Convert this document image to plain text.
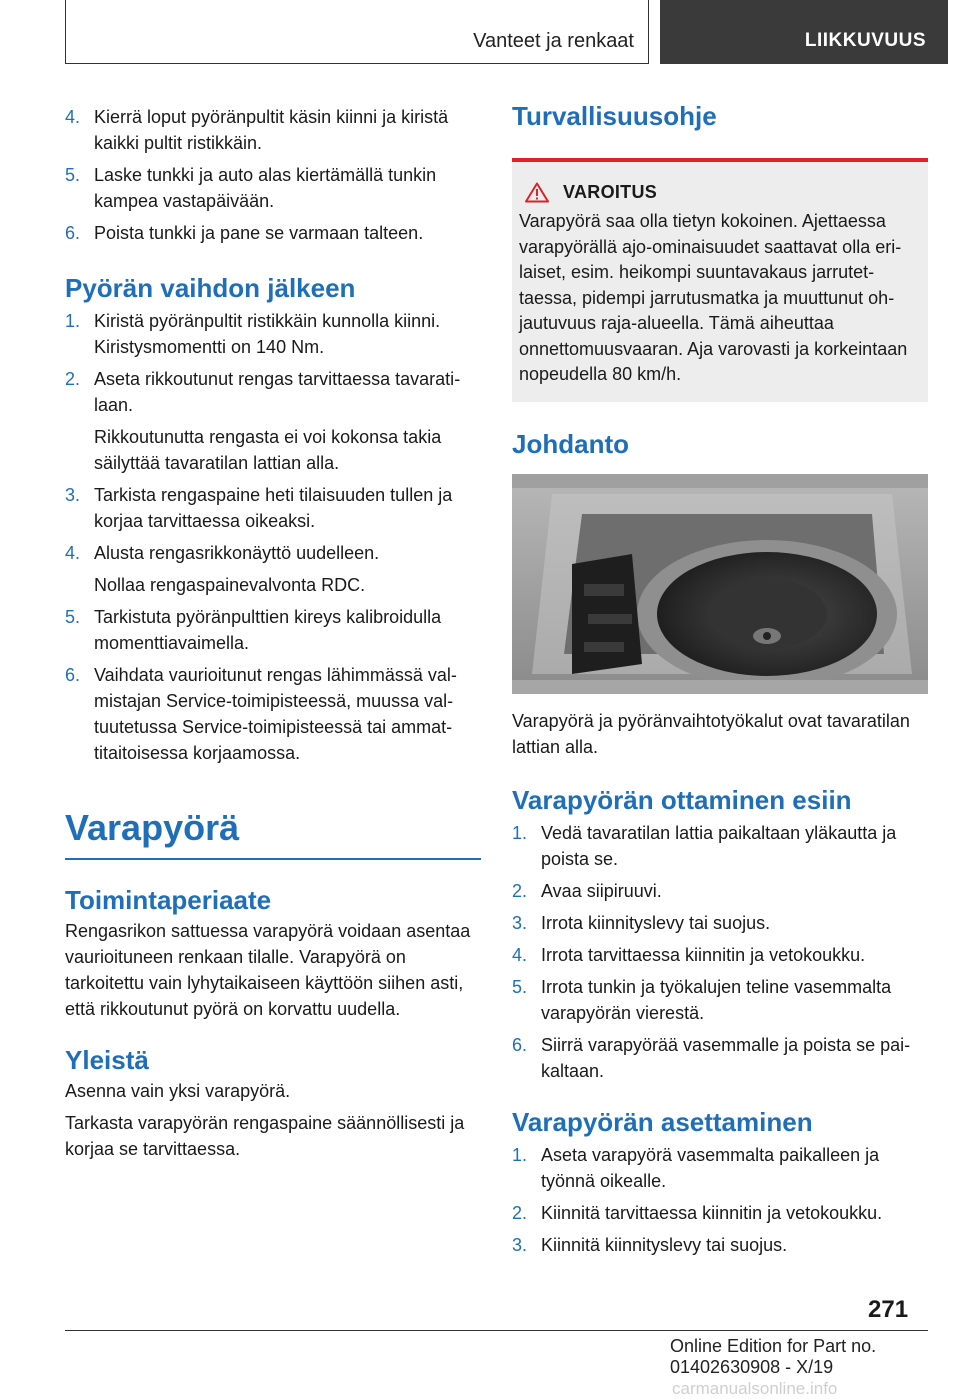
Vanteet ja renkaat	LIIKKUVUUS
4. Kierrä loput pyöränpultit käsin kiinni ja kiristä kaikki pultit ristikkäin.
5. Laske tunkki ja auto alas kiertämällä tunkin kampea vastapäivään.
6. Poista tunkki ja pane se varmaan talteen.
Pyörän vaihdon jälkeen
1. Kiristä pyöränpultit ristikkäin kunnolla kiinni. Kiristysmomentti on 140 Nm.
2. Aseta rikkoutunut rengas tarvittaessa tavaratilaan.
Rikkoutunutta rengasta ei voi kokonsa takia säilyttää tavaratilan lattian alla.
3. Tarkista rengaspaine heti tilaisuuden tullen ja korjaa tarvittaessa oikeaksi.
4. Alusta rengasrikkonäyttö uudelleen.
Nollaa rengaspainevalvonta RDC.
5. Tarkistuta pyöränpulttien kireys kalibroidulla momenttiavaimella.
6. Vaihdata vaurioitunut rengas lähimmässä valmistajan Service-toimipisteessä, muussa valtuutetussa Service-toimipisteessä tai ammattitaitoisessa korjaamossa.
Varapyörä
Toimintaperiaate

Rengasrikon sattuessa varapyörä voidaan asentaa vaurioituneen renkaan tilalle. Varapyörä on tarkoitettu vain lyhytaikaiseen käyttöön siihen asti, että rikkoutunut pyörä on korvattu uudella.

Yleistä

Asenna vain yksi varapyörä.

Tarkasta varapyörän rengaspaine säännöllisesti ja korjaa se tarvittaessa.

Turvallisuusohje
VAROITUS

Varapyörä saa olla tietyn kokoinen. Ajettaessa varapyörällä ajo-ominaisuudet saattavat olla erilaiset, esim. heikompi suuntavakaus jarrutettaessa, pidempi jarrutusmatka ja muuttunut ohjautuvuus raja-alueella. Tämä aiheuttaa onnettomuusvaaran. Aja varovasti ja korkeintaan nopeudella 80 km/h.

Johdanto

Varapyörä ja pyöränvaihtotyökalut ovat tavaratilan lattian alla.

Varapyörän ottaminen esiin
1. Vedä tavaratilan lattia paikaltaan yläkautta ja poista se.
2. Avaa siipiruuvi.
3. Irrota kiinnityslevy tai suojus.
4. Irrota tarvittaessa kiinnitin ja vetokoukku.
5. Irrota tunkin ja työkalujen teline vasemmalta varapyörän vierestä.
6. Siirrä varapyörää vasemmalle ja poista se paikaltaan.
Varapyörän asettaminen
1. Aseta varapyörä vasemmalta paikalleen ja työnnä oikealle.
2. Kiinnitä tarvittaessa kiinnitin ja vetokoukku.
3. Kiinnitä kiinnityslevy tai suojus.
271
Online Edition for Part no. 01402630908 - X/19 carmanualsonline.info
